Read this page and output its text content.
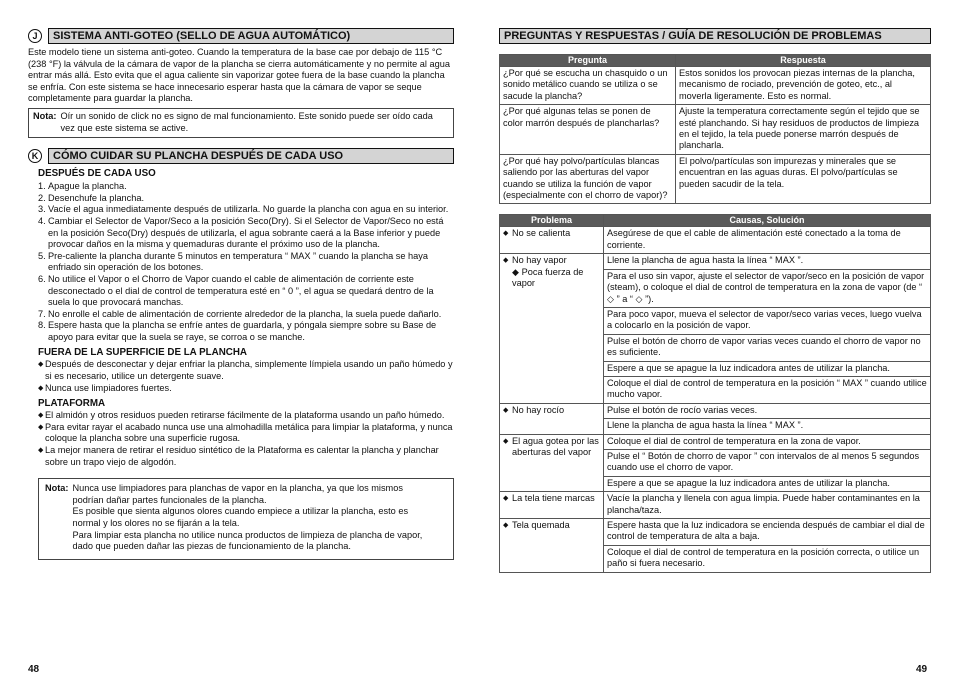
J	SISTEMA ANTI-GOTEO (SELLO DE AGUA AUTOMÁTICO)

Este modelo tiene un sistema anti-goteo. Cuando la temperatura de la base cae por debajo de 115 °C (238 °F) la válvula de la cámara de vapor de la plancha se cierra automáticamente y no permite al agua entrar más allá. Esto evita que el agua caliente sin vaporizar gotee fuera de la base cuando la plancha se enfría. Con este sistema se hace innecesario esperar hasta que la cámara de vapor se seque completamente para guardar la plancha.

Nota: Oír un sonido de click no es signo de mal funcionamiento. Este sonido puede ser oído cada vez que este sistema se active.
K	CÓMO CUIDAR SU PLANCHA DESPUÉS DE CADA USO
DESPUÉS DE CADA USO
1. Apague la plancha.
2. Desenchufe la plancha.
3. Vacíe el agua inmediatamente después de utilizarla. No guarde la plancha con agua en su interior.
4. Cambiar el Selector de Vapor/Seco a la posición Seco(Dry). Si el Selector de Vapor/Seco no está en la posición Seco(Dry) después de utilizarla, el agua sobrante caerá a la Base inferior y puede provocar daños en la misma y quemaduras durante el próximo uso de la plancha.
5. Pre-caliente la plancha durante 5 minutos en temperatura “ MAX ” cuando la plancha se haya enfriado sin operación de los botones.
6. No utilice el Vapor o el Chorro de Vapor cuando el cable de alimentación de corriente este desconectado o el dial de control de temperatura esté en “ 0 ”, el agua se quedará dentro de la suela lo que provocará manchas.
7. No enrolle el cable de alimentación de corriente alrededor de la plancha, la suela puede dañarlo.
8. Espere hasta que la plancha se enfríe antes de guardarla, y póngala siempre sobre su Base de apoyo para evitar que la suela se raye, se corroa o se manche.
FUERA DE LA SUPERFICIE DE LA PLANCHA
◆ Después de desconectar y dejar enfriar la plancha, simplemente límpiela usando un paño húmedo y si es necesario, utilice un detergente suave.
◆ Nunca use limpiadores fuertes.
PLATAFORMA
◆ El almidón y otros residuos pueden retirarse fácilmente de la plataforma usando un paño húmedo.
◆ Para evitar rayar el acabado nunca use una almohadilla metálica para limpiar la plataforma, y nunca coloque la plancha sobre una superficie rugosa.
◆ La mejor manera de retirar el residuo sintético de la Plataforma es calentar la plancha y planchar sobre un trapo viejo de algodón.
Nota: Nunca use limpiadores para planchas de vapor en la plancha, ya que los mismos
podrían dañar partes funcionales de la plancha.
Es posible que sienta algunos olores cuando empiece a utilizar la plancha, esto es
normal y los olores no se fijarán a la tela.
Para limpiar esta plancha no utilice nunca productos de limpieza de plancha de vapor,
dado que pueden dañar las piezas de funcionamiento de la plancha.
48
PREGUNTAS Y RESPUESTAS / GUÍA DE RESOLUCIÓN DE PROBLEMAS
Pregunta	Respuesta
¿Por qué se escucha un chasquido o un sonido metálico cuando se utiliza o se sacude la plancha?	Estos sonidos los provocan piezas internas de la plancha, mecanismo de rociado, prevención de goteo, etc., al moverla ligeramente. Esto es normal.
¿Por qué algunas telas se ponen de color marrón después de plancharlas?	Ajuste la temperatura correctamente según el tejido que se esté planchando. Si hay residuos de productos de limpieza en el tejido, la tela puede ponerse marrón después de plancharla.
¿Por qué hay polvo/partículas blancas saliendo por las aberturas del vapor cuando se utiliza la función de vapor (especialmente con el chorro de vapor)?	El polvo/partículas son impurezas y minerales que se encuentran en las aguas duras. El polvo/partículas se pueden sacudir de la tela.
Problema	Causas, Solución

◆ No se calienta	Asegúrese de que el cable de alimentación esté conectado a la toma de corriente.

◆ No hay vapor
◆ Poca fuerza de
vapor	Llene la plancha de agua hasta la línea “ MAX ”.
	Para el uso sin vapor, ajuste el selector de vapor/seco en la posición de vapor (steam), o coloque el dial de control de temperatura en la zona de vapor (de “ ◇ ” a “ ◇ ”).
	Para poco vapor, mueva el selector de vapor/seco varias veces, luego vuelva a colocarlo en la posición de vapor.
	Pulse el botón de chorro de vapor varias veces cuando el chorro de vapor no es suficiente.
	Espere a que se apague la luz indicadora antes de utilizar la plancha.
	Coloque el dial de control de temperatura en la posición “ MAX ” cuando utilice mucho vapor.

◆ No hay rocío	Pulse el botón de rocío varias veces.
	Llene la plancha de agua hasta la línea “ MAX ”.

◆ El agua gotea por las aberturas del vapor	Coloque el dial de control de temperatura en la zona de vapor.
	Pulse el “ Botón de chorro de vapor ” con intervalos de al menos 5 segundos cuando use el chorro de vapor.
	Espere a que se apague la luz indicadora antes de utilizar la plancha.

◆ La tela tiene marcas	Vacíe la plancha y llenela con agua limpia. Puede haber contaminantes en la plancha/taza.

◆ Tela quemada	Espere hasta que la luz indicadora se encienda después de cambiar el dial de control de temperatura de alta a baja.
	Coloque el dial de control de temperatura en la posición correcta, o utilice un paño si fuera necesario.
49
